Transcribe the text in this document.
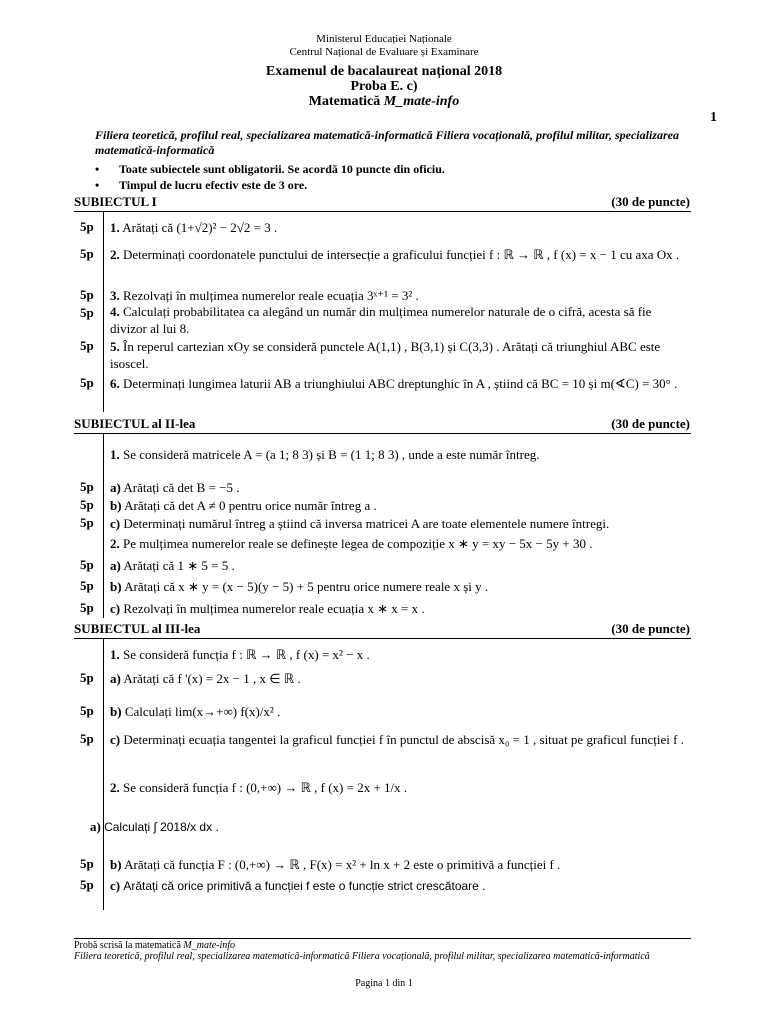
Ministerul Educației Naționale
Centrul Național de Evaluare și Examinare
Examenul de bacalaureat național 2018
Proba E. c)
Matematică M_mate-info
1
Filiera teoretică, profilul real, specializarea matematică-informatică Filiera vocațională, profilul militar, specializarea matematică-informatică
• Toate subiectele sunt obligatorii. Se acordă 10 puncte din oficiu.
• Timpul de lucru efectiv este de 3 ore.
SUBIECTUL I	(30 de puncte)
5p 1. Arătați că (1+√2)² − 2√2 = 3 .
5p 2. Determinați coordonatele punctului de intersecție a graficului funcției f : ℝ → ℝ , f (x) = x − 1 cu axa Ox .
5p 3. Rezolvați în mulțimea numerelor reale ecuația 3ˣ⁺¹ = 3² .
5p 4. Calculați probabilitatea ca alegând un număr din mulțimea numerelor naturale de o cifră, acesta să fie divizor al lui 8.
5p 5. În reperul cartezian xOy se consideră punctele A(1,1) , B(3,1) și C(3,3) . Arătați că triunghiul ABC este isoscel.
5p 6. Determinați lungimea laturii AB a triunghiului ABC dreptunghic în A , știind că BC = 10 și m(∢C) = 30° .
SUBIECTUL al II-lea	(30 de puncte)
1. Se consideră matricele A = (a 1; 8 3) și B = (1 1; 8 3) , unde a este număr întreg.
5p a) Arătați că det B = −5 .
5p b) Arătați că det A ≠ 0 pentru orice număr întreg a .
5p c) Determinați numărul întreg a știind că inversa matricei A are toate elementele numere întregi.
2. Pe mulțimea numerelor reale se definește legea de compoziție x ∗ y = xy − 5x − 5y + 30 .
5p a) Arătați că 1 ∗ 5 = 5 .
5p b) Arătați că x ∗ y = (x − 5)(y − 5) + 5 pentru orice numere reale x și y .
5p c) Rezolvați în mulțimea numerelor reale ecuația x ∗ x = x .
SUBIECTUL al III-lea	(30 de puncte)
1. Se consideră funcția f : ℝ → ℝ , f (x) = x² − x .
5p a) Arătați că f '(x) = 2x − 1 , x ∈ ℝ .
5p b) Calculați lim(x→+∞) f(x)/x² .
5p c) Determinați ecuația tangentei la graficul funcției f în punctul de abscisă x₀ = 1 , situat pe graficul funcției f .
2. Se consideră funcția f : (0,+∞) → ℝ , f (x) = 2x + 1/x .
a) Calculați ∫ 2018/x dx .
5p b) Arătați că funcția F : (0,+∞) → ℝ , F(x) = x² + ln x + 2 este o primitivă a funcției f .
5p c) Arătați că orice primitivă a funcției f este o funcție strict crescătoare .
Probă scrisă la matematică M_mate-info
Filiera teoretică, profilul real, specializarea matematică-informatică Filiera vocațională, profilul militar, specializarea matematică-informatică
Pagina 1 din 1
